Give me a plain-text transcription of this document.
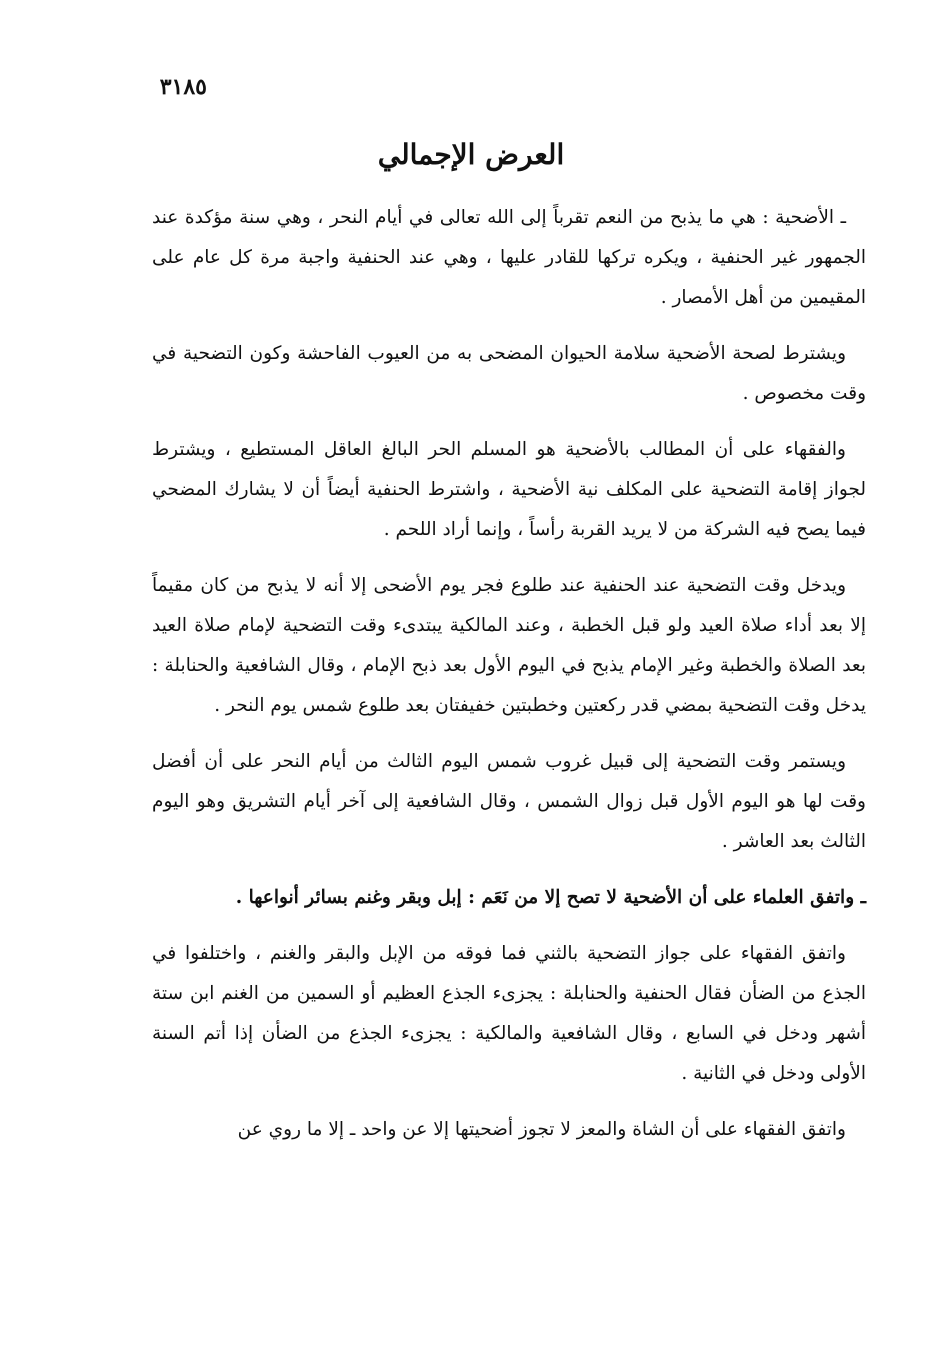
٣١٨٥
العرض الإجمالي

ـ الأضحية : هي ما يذبح من النعم تقرباً إلى الله تعالى في أيام النحر ، وهي سنة مؤكدة عند الجمهور غير الحنفية ، ويكره تركها للقادر عليها ، وهي عند الحنفية واجبة مرة كل عام على المقيمين من أهل الأمصار .

ويشترط لصحة الأضحية سلامة الحيوان المضحى به من العيوب الفاحشة وكون التضحية في وقت مخصوص .

والفقهاء على أن المطالب بالأضحية هو المسلم الحر البالغ العاقل المستطيع ، ويشترط لجواز إقامة التضحية على المكلف نية الأضحية ، واشترط الحنفية أيضاً أن لا يشارك المضحي فيما يصح فيه الشركة من لا يريد القربة رأساً ، وإنما أراد اللحم .

ويدخل وقت التضحية عند الحنفية عند طلوع فجر يوم الأضحى إلا أنه لا يذبح من كان مقيماً إلا بعد أداء صلاة العيد ولو قبل الخطبة ، وعند المالكية يبتدىء وقت التضحية لإمام صلاة العيد بعد الصلاة والخطبة وغير الإمام يذبح في اليوم الأول بعد ذبح الإمام ، وقال الشافعية والحنابلة : يدخل وقت التضحية بمضي قدر ركعتين وخطبتين خفيفتان بعد طلوع شمس يوم النحر .

ويستمر وقت التضحية إلى قبيل غروب شمس اليوم الثالث من أيام النحر على أن أفضل وقت لها هو اليوم الأول قبل زوال الشمس ، وقال الشافعية إلى آخر أيام التشريق وهو اليوم الثالث بعد العاشر .

ـ واتفق العلماء على أن الأضحية لا تصح إلا من نَعَم : إبل وبقر وغنم بسائر أنواعها .

واتفق الفقهاء على جواز التضحية بالثني فما فوقه من الإبل والبقر والغنم ، واختلفوا في الجذع من الضأن فقال الحنفية والحنابلة : يجزىء الجذع العظيم أو السمين من الغنم ابن ستة أشهر ودخل في السابع ، وقال الشافعية والمالكية : يجزىء الجذع من الضأن إذا أتم السنة الأولى ودخل في الثانية .

واتفق الفقهاء على أن الشاة والمعز لا تجوز أضحيتها إلا عن واحد ـ إلا ما روي عن
